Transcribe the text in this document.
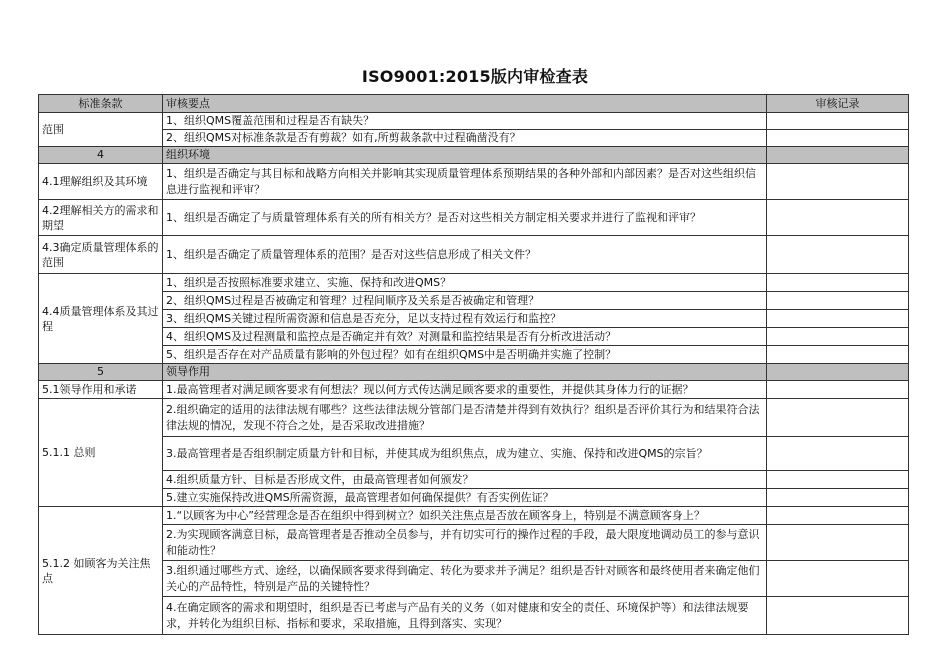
ISO9001:2015版内审检查表
标准条款	审核要点	审核记录
范围	1、组织QMS覆盖范围和过程是否有缺失？	
	2、组织QMS对标准条款是否有剪裁？如有,所剪裁条款中过程确凿没有？	
4	组织环境	
4.1理解组织及其环境	1、组织是否确定与其目标和战略方向相关并影响其实现质量管理体系预期结果的各种外部和内部因素？是否对这些组织信息进行监视和评审？	
4.2理解相关方的需求和期望	1、组织是否确定了与质量管理体系有关的所有相关方？是否对这些相关方制定相关要求并进行了监视和评审？	
4.3确定质量管理体系的范围	1、组织是否确定了质量管理体系的范围？是否对这些信息形成了相关文件？	
4.4质量管理体系及其过程	1、组织是否按照标准要求建立、实施、保持和改进QMS？	
	2、组织QMS过程是否被确定和管理？过程间顺序及关系是否被确定和管理？	
	3、组织QMS关键过程所需资源和信息是否充分，足以支持过程有效运行和监控？	
	4、组织QMS及过程测量和监控点是否确定并有效？对测量和监控结果是否有分析改进活动？	
	5、组织是否存在对产品质量有影响的外包过程？如有在组织QMS中是否明确并实施了控制？	
5	领导作用	
5.1领导作用和承诺	1.最高管理者对满足顾客要求有何想法？现以何方式传达满足顾客要求的重要性，并提供其身体力行的证据？	
5.1.1 总则	2.组织确定的适用的法律法规有哪些？这些法律法规分管部门是否清楚并得到有效执行？组织是否评价其行为和结果符合法律法规的情况，发现不符合之处，是否采取改进措施？	
	3.最高管理者是否组织制定质量方针和目标，并使其成为组织焦点，成为建立、实施、保持和改进QMS的宗旨？	
	4.组织质量方针、目标是否形成文件，由最高管理者如何颁发？	
	5.建立实施保持改进QMS所需资源，最高管理者如何确保提供？有否实例佐证？	
5.1.2 如顾客为关注焦点	1.“以顾客为中心”经营理念是否在组织中得到树立？如织关注焦点是否放在顾客身上，特别是不满意顾客身上？	
	2.为实现顾客满意目标，最高管理者是否推动全员参与，并有切实可行的操作过程的手段，最大限度地调动员工的参与意识和能动性？	
	3.组织通过哪些方式、途经，以确保顾客要求得到确定、转化为要求并予满足？组织是否针对顾客和最终使用者来确定他们关心的产品特性，特别是产品的关键特性？	
	4.在确定顾客的需求和期望时，组织是否已考虑与产品有关的义务（如对健康和安全的责任、环境保护等）和法律法规要求，并转化为组织目标、指标和要求，采取措施，且得到落实、实现？	
